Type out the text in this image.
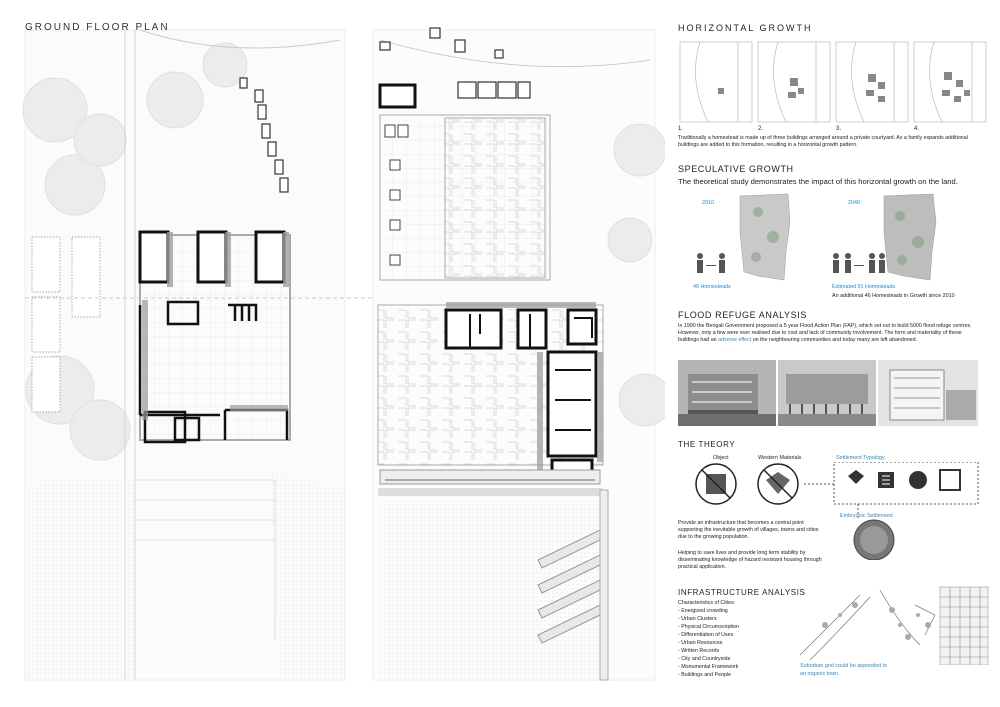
GROUND FLOOR PLAN	HORIZONTAL GROWTH
1.	2.	3.	4.
Traditionally a homestead is made up of three buildings arranged around a private courtyard. As a family expands additional buildings are added to this formation, resulting in a horizontal growth pattern.
SPECULATIVE GROWTH
The theoretical study demonstrates the impact of this horizontal growth on the land.
2010	2040
46 Homesteads	Estimated 91 Homesteads
An additional 46 Homesteads in Growth since 2010
FLOOD REFUGE ANALYSIS
In 1990 the Bengali Government proposed a 5 year Flood Action Plan (FAP), which set out to build 5000 flood refuge centres. However, only a few were ever realised due to cost and lack of community involvement. The form and materiality of these buildings had an adverse effect on the neighbouring communities and today many are left abandoned.
THE THEORY
Object	Western Materials	Settlement Typology
Embryonic Settlement
Provide an infrastructure that becomes a central point supporting the inevitable growth of villages, towns and cities due to the growing population.
Helping to save lives and provide long term stability by disseminating knowledge of hazard resistant housing through practical application.
INFRASTRUCTURE ANALYSIS
Characteristics of Cities:
- Energized crowding
- Urban Clusters
- Physical Circumscription
- Differentiation of Uses
- Urban Resources
- Written Records
- City and Countryside
- Monumental Framework
- Buildings and People
Suburban grid could be appended to an organic town.
